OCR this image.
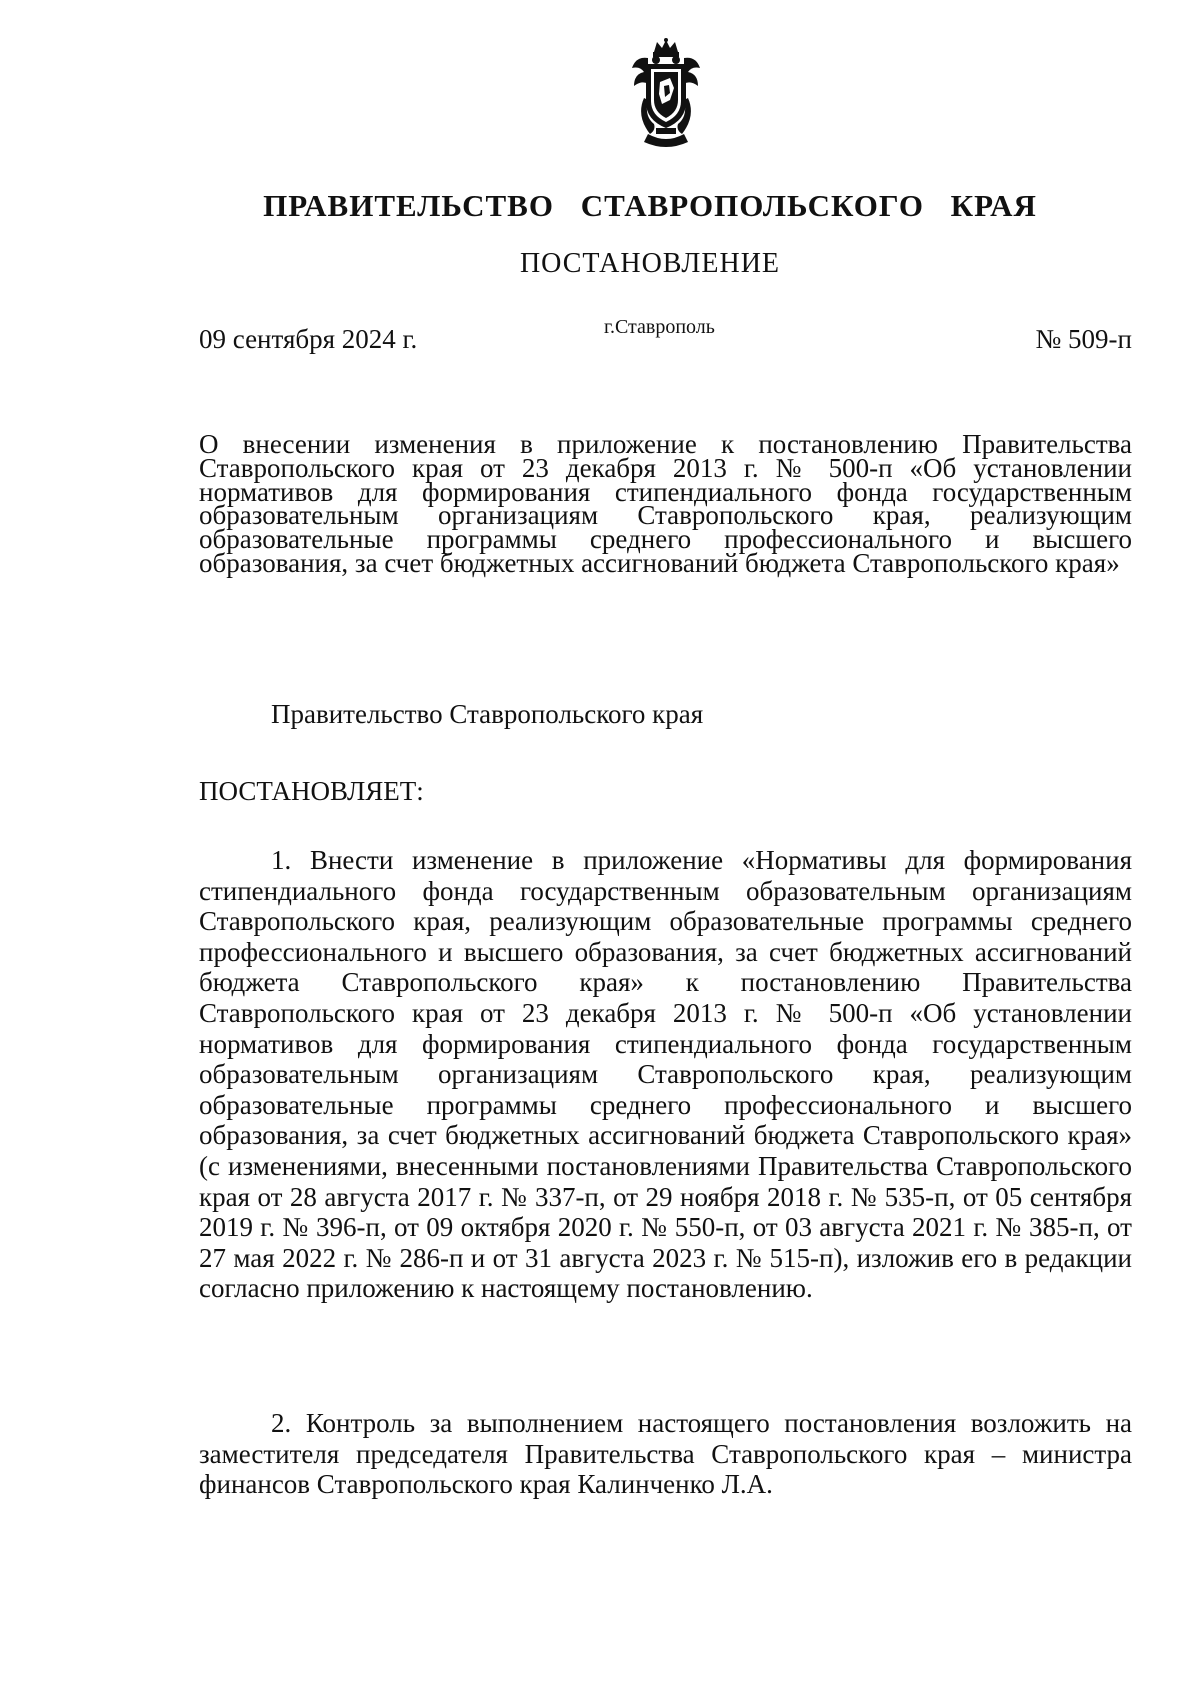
ПРАВИТЕЛЬСТВО СТАВРОПОЛЬСКОГО КРАЯ
ПОСТАНОВЛЕНИЕ
09 сентября 2024 г.	г.Ставрополь	№ 509-п
О внесении изменения в приложение к постановлению Правительства Ставропольского края от 23 декабря 2013 г. № 500-п «Об установлении нормативов для формирования стипендиального фонда государственным образовательным организациям Ставропольского края, реализующим образовательные программы среднего профессионального и высшего образования, за счет бюджетных ассигнований бюджета Ставропольского края»
Правительство Ставропольского края
ПОСТАНОВЛЯЕТ:
1. Внести изменение в приложение «Нормативы для формирования стипендиального фонда государственным образовательным организациям Ставропольского края, реализующим образовательные программы среднего профессионального и высшего образования, за счет бюджетных ассигнований бюджета Ставропольского края» к постановлению Правительства Ставропольского края от 23 декабря 2013 г. № 500-п «Об установлении нормативов для формирования стипендиального фонда государственным образовательным организациям Ставропольского края, реализующим образовательные программы среднего профессионального и высшего образования, за счет бюджетных ассигнований бюджета Ставропольского края» (с изменениями, внесенными постановлениями Правительства Ставропольского края от 28 августа 2017 г. № 337-п, от 29 ноября 2018 г. № 535-п, от 05 сентября 2019 г. № 396-п, от 09 октября 2020 г. № 550-п, от 03 августа 2021 г. № 385-п, от 27 мая 2022 г. № 286-п и от 31 августа 2023 г. № 515-п), изложив его в редакции согласно приложению к настоящему постановлению.
2. Контроль за выполнением настоящего постановления возложить на заместителя председателя Правительства Ставропольского края – министра финансов Ставропольского края Калинченко Л.А.
